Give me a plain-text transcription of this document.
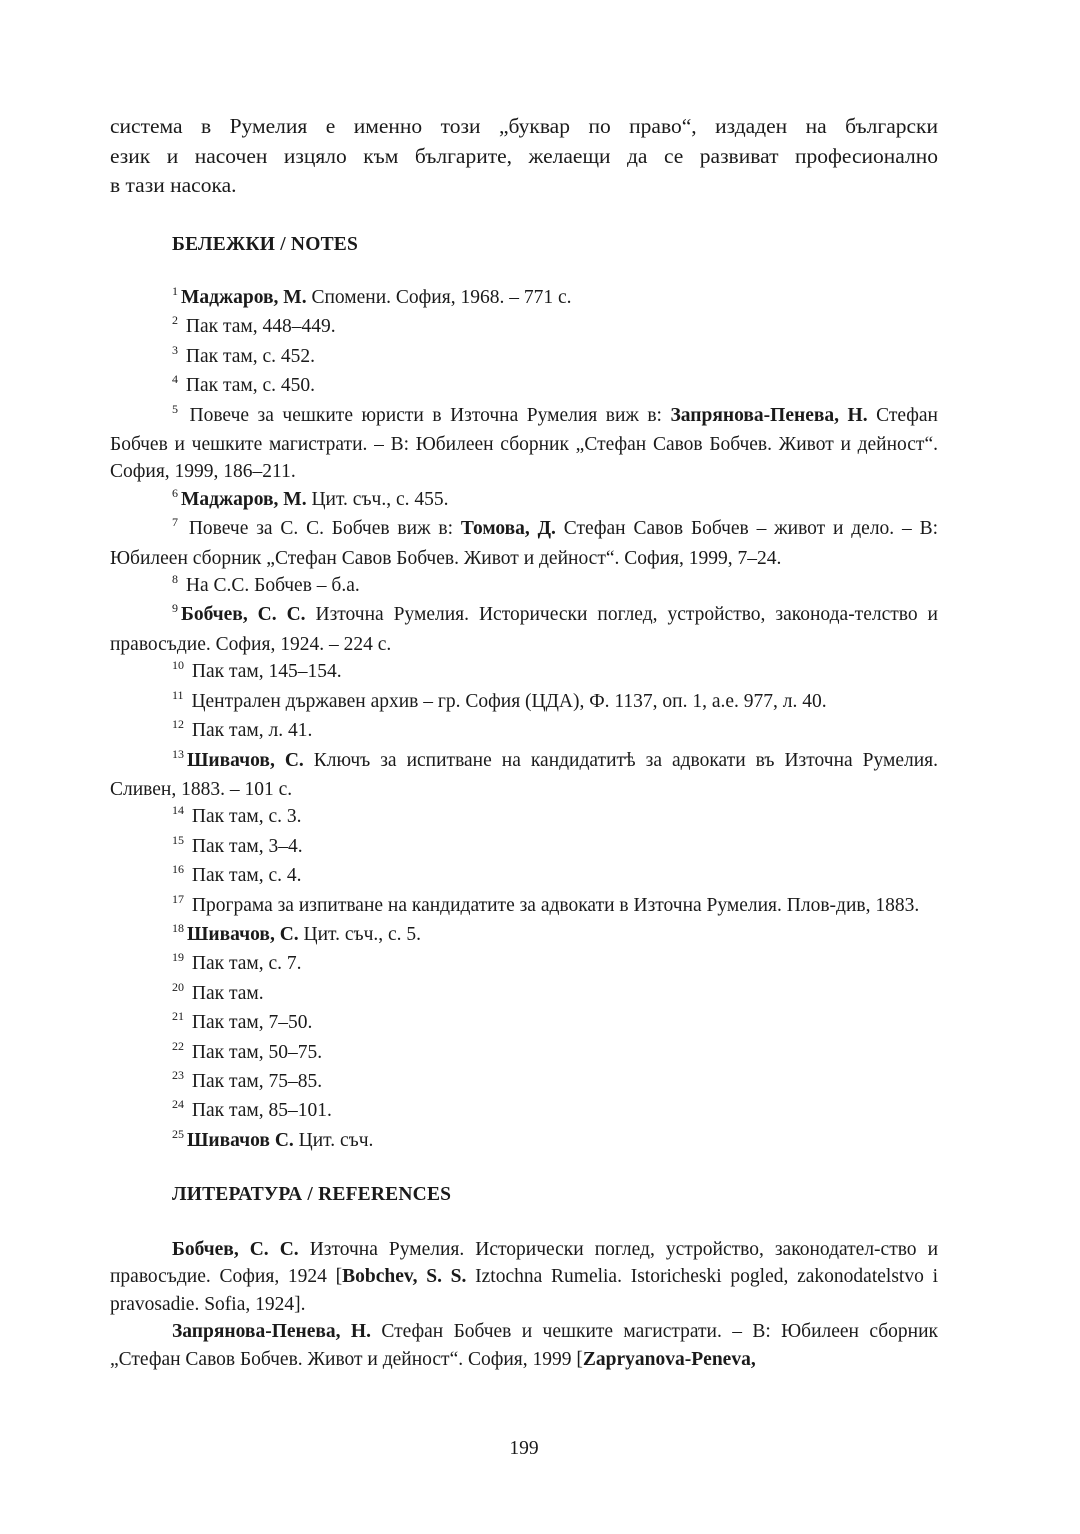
система в Румелия е именно този „буквар по право“, издаден на български
език и насочен изцяло към българите, желаещи да се развиват професионално
в тази насока.
БЕЛЕЖКИ / NOTES
$^1$ Маджаров, М. Спомени. София, 1968. – 771 с.
$^2$ Пак там, 448–449.
$^3$ Пак там, с. 452.
$^4$ Пак там, с. 450.
$^5$ Повече за чешките юристи в Източна Румелия виж в: Запрянова-Пенева, Н. Стефан Бобчев и чешките магистрати. – В: Юбилеен сборник „Стефан Савов Бобчев. Живот и дейност“. София, 1999, 186–211.
$^6$ Маджаров, М. Цит. съч., с. 455.
$^7$ Повече за С. С. Бобчев виж в: Томова, Д. Стефан Савов Бобчев – живот и дело. – В: Юбилеен сборник „Стефан Савов Бобчев. Живот и дейност“. София, 1999, 7–24.
$^8$ На С.С. Бобчев – б.а.
$^9$ Бобчев, С. С. Източна Румелия. Исторически поглед, устройство, законода-телство и правосъдие. София, 1924. – 224 с.
$^{10}$ Пак там, 145–154.
$^{11}$ Централен държавен архив – гр. София (ЦДА), Ф. 1137, оп. 1, а.е. 977, л. 40.
$^{12}$ Пак там, л. 41.
$^{13}$ Шивачов, С. Ключъ за испитване на кандидатитѣ за адвокати въ Източна Румелия. Сливен, 1883. – 101 с.
$^{14}$ Пак там, с. 3.
$^{15}$ Пак там, 3–4.
$^{16}$ Пак там, с. 4.
$^{17}$ Програма за изпитване на кандидатите за адвокати в Източна Румелия. Плов-див, 1883.
$^{18}$ Шивачов, С. Цит. съч., с. 5.
$^{19}$ Пак там, с. 7.
$^{20}$ Пак там.
$^{21}$ Пак там, 7–50.
$^{22}$ Пак там, 50–75.
$^{23}$ Пак там, 75–85.
$^{24}$ Пак там, 85–101.
$^{25}$ Шивачов С. Цит. съч.
ЛИТЕРАТУРА / REFERENCES
Бобчев, С. С. Източна Румелия. Исторически поглед, устройство, законодател-ство и правосъдие. София, 1924 [Bobchev, S. S. Iztochna Rumelia. Istoricheski pogled, zakonodatelstvo i pravosadie. Sofia, 1924].
Запрянова-Пенева, Н. Стефан Бобчев и чешките магистрати. – В: Юбилеен сборник „Стефан Савов Бобчев. Живот и дейност“. София, 1999 [Zapryanova-Peneva,
199
